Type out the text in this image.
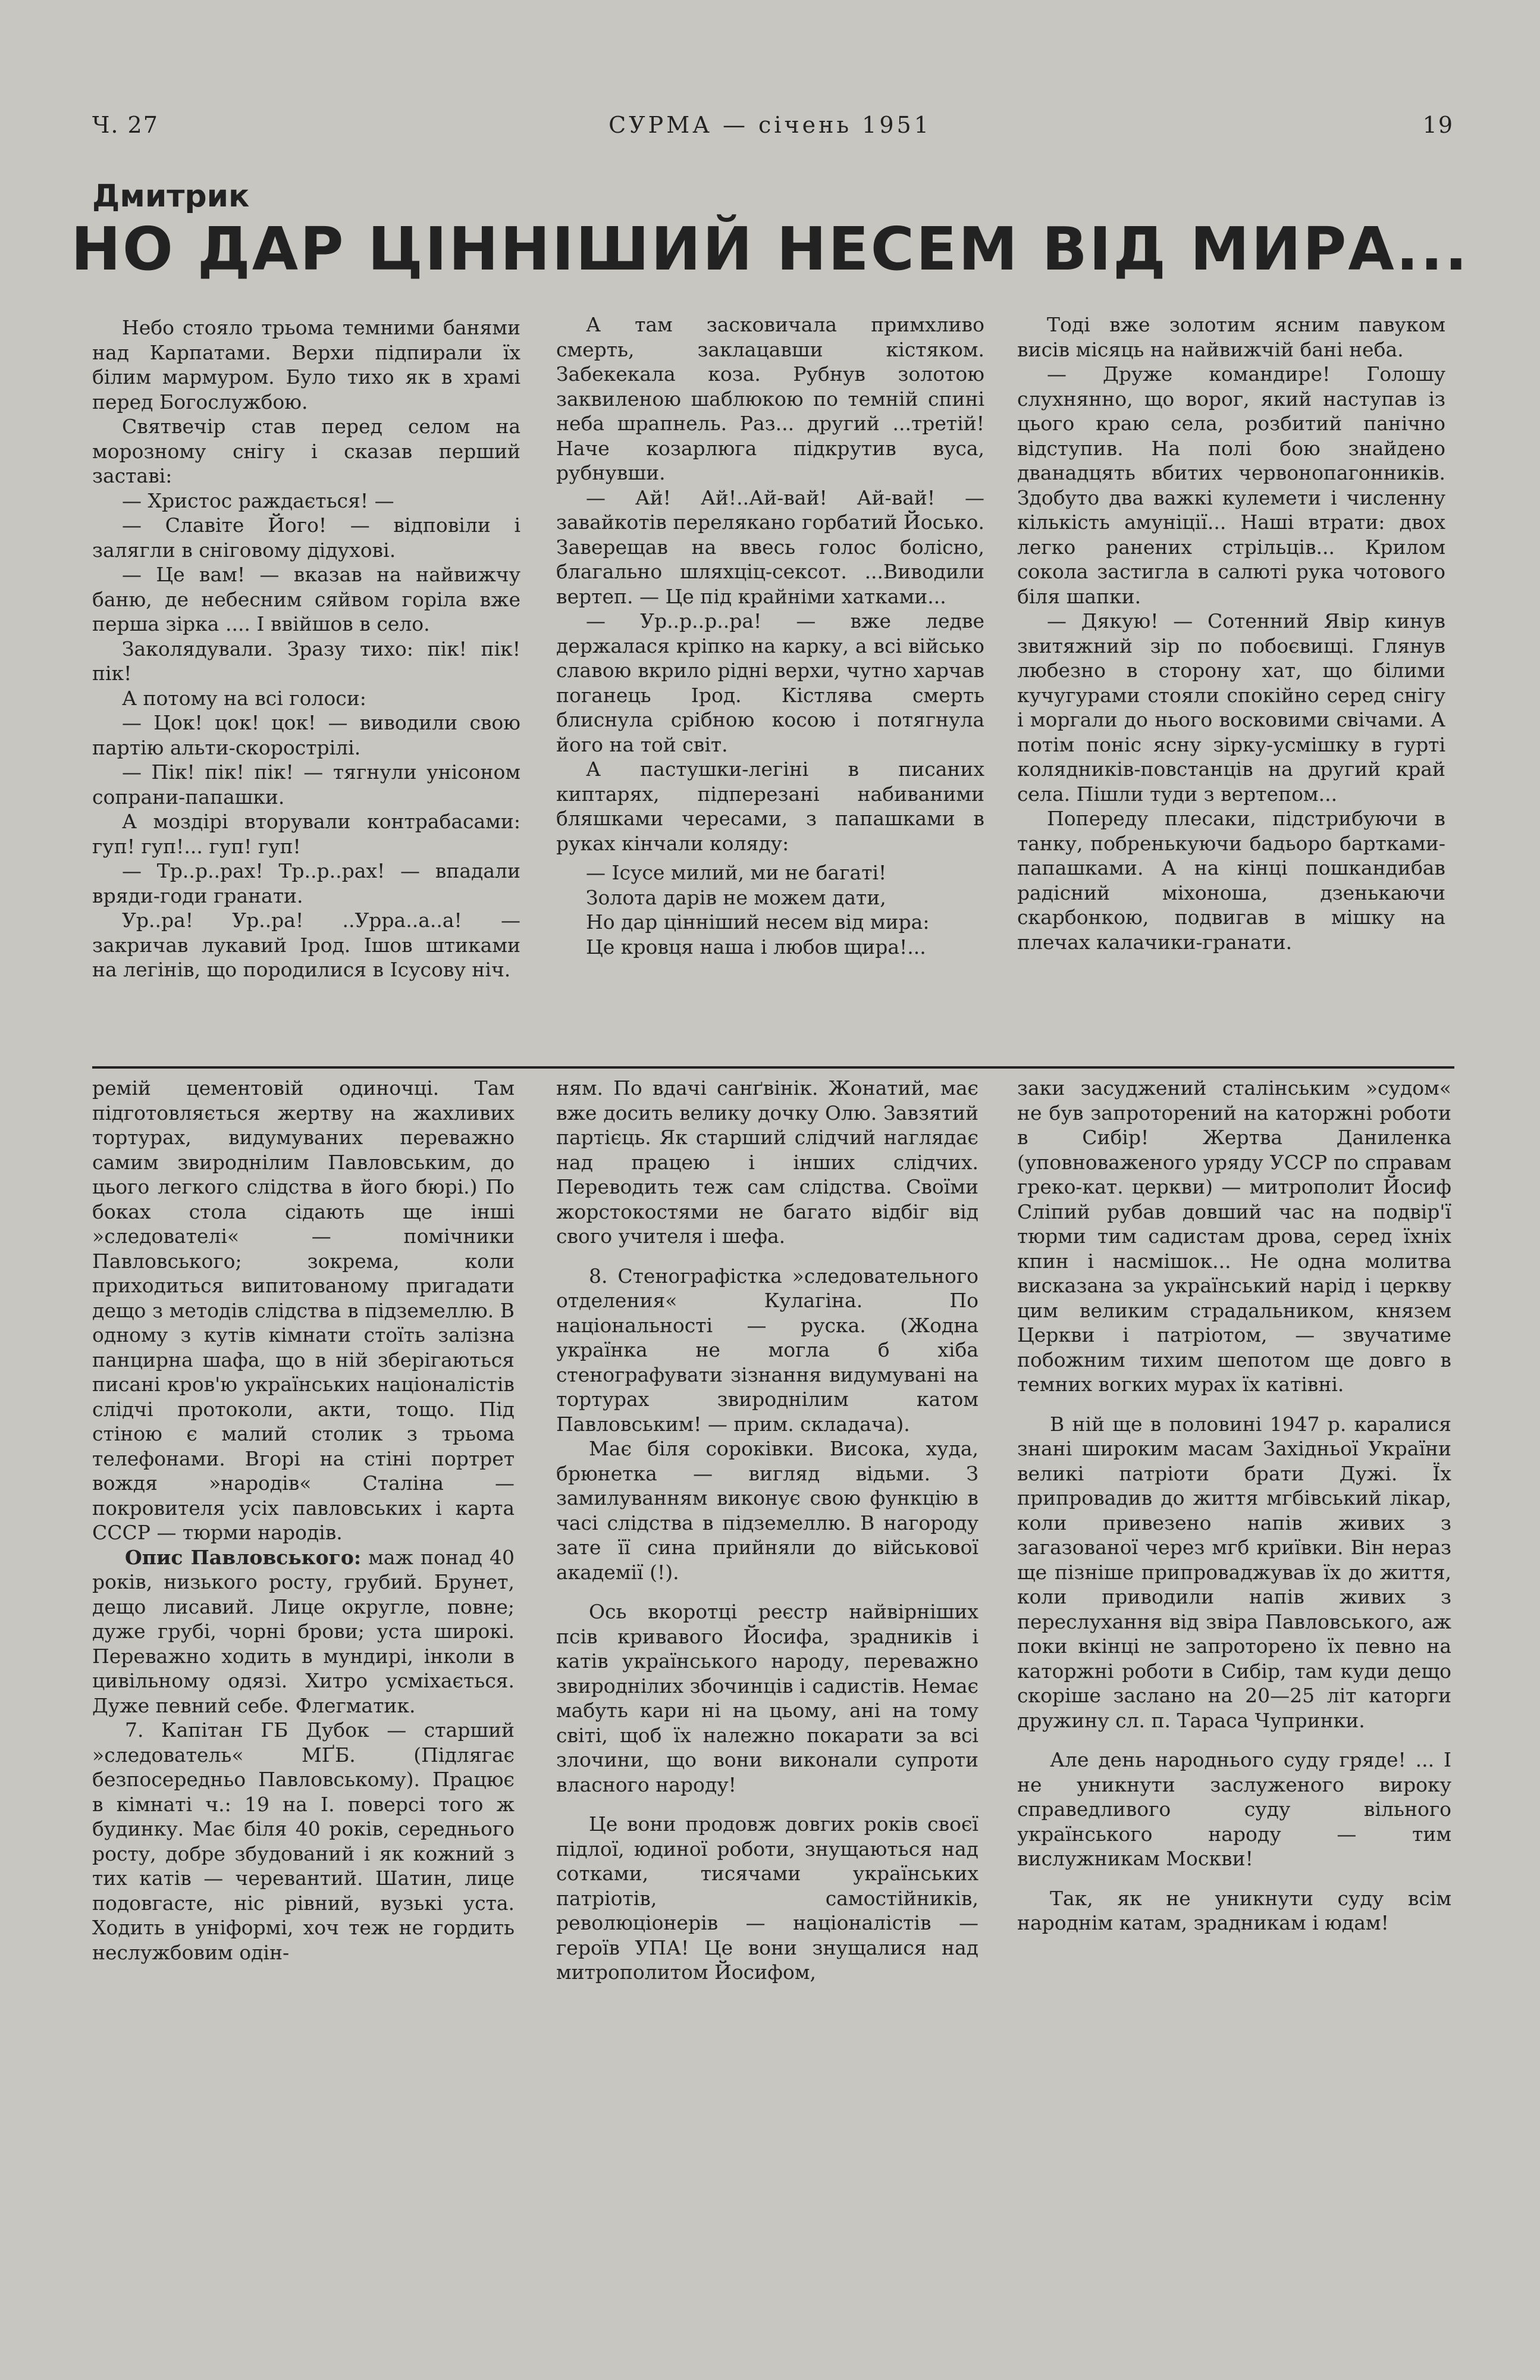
Ч. 27	СУРМА — січень 1951	19
Дмитрик
НО ДАР ЦІННІШИЙ НЕСЕМ ВІД МИРА...

Небо стояло трьома темними банями над Карпатами. Верхи підпирали їх білим мармуром. Було тихо як в храмі перед Богослужбою.

Святвечір став перед селом на морозному снігу і сказав перший заставі:

— Христос раждається! —

— Славіте Його! — відповіли і залягли в сніговому дідухові.

— Це вам! — вказав на найвижчу баню, де небесним сяйвом горіла вже перша зірка .... І ввійшов в село.

Заколядували. Зразу тихо: пік! пік! пік!

А потому на всі голоси:

— Цок! цок! цок! — виводили свою партію альти-скорострілі.

— Пік! пік! пік! — тягнули унісоном сопрани-папашки.

А моздірі вторували контрабасами: гуп! гуп!... гуп! гуп!

— Тр..р..рах! Тр..р..рах! — впадали вряди-годи гранати.

Ур..ра! Ур..ра! ..Урра..а..а! — закричав лукавий Ірод. Ішов штиками на легінів, що породилися в Ісусову ніч.

А там засковичала примхливо смерть, заклацавши кістяком. Забекекала коза. Рубнув золотою заквиленою шаблюкою по темній спині неба шрапнель. Раз... другий ...третій! Наче козарлюга підкрутив вуса, рубнувши.

— Ай! Ай!..Ай-вай! Ай-вай! — завайкотів перелякано горбатий Йосько. Заверещав на ввесь голос болісно, благально шляхціц-сексот. ...Виводили вертеп. — Це під крайніми хатками...

— Ур..р..р..ра! — вже ледве держалася кріпко на карку, а всі військо славою вкрило рідні верхи, чутно харчав поганець Ірод. Кістлява смерть блиснула срібною косою і потягнула його на той світ.

А пастушки-легіні в писаних киптарях, підперезані набиваними бляшками чересами, з папашками в руках кінчали коляду:

— Ісусе милий, ми не багаті!
Золота дарів не можем дати,
Но дар цінніший несем від мира:
Це кровця наша і любов щира!...

Тоді вже золотим ясним павуком висів місяць на найвижчій бані неба.

— Друже командире! Голошу слухнянно, що ворог, який наступав із цього краю села, розбитий панічно відступив. На полі бою знайдено дванадцять вбитих червонопагонників. Здобуто два важкі кулемети і численну кількість амуніції... Наші втрати: двох легко ранених стрільців... Крилом сокола застигла в салюті рука чотового біля шапки.

— Дякую! — Сотенний Явір кинув звитяжний зір по побоєвищі. Глянув любезно в сторону хат, що білими кучугурами стояли спокійно серед снігу і моргали до нього восковими свічами. А потім поніс ясну зірку-усмішку в гурті колядників-повстанців на другий край села. Пішли туди з вертепом...

Попереду плесаки, підстрибуючи в танку, побренькуючи бадьоро бартками-папашками. А на кінці пошкандибав радісний міхоноша, дзенькаючи скарбонкою, подвигав в мішку на плечах калачики-гранати.

ремій цементовій одиночці. Там підготовляється жертву на жахливих тортурах, видумуваних переважно самим звироднілим Павловським, до цього легкого слідства в його бюрі.) По боках стола сідають ще інші »следователі« — помічники Павловського; зокрема, коли приходиться випитованому пригадати дещо з методів слідства в підземеллю. В одному з кутів кімнати стоїть залізна панцирна шафа, що в ній зберігаються писані кров'ю українських націоналістів слідчі протоколи, акти, тощо. Під стіною є малий столик з трьома телефонами. Вгорі на стіні портрет вождя »народів« Сталіна — покровителя усіх павловських і карта СССР — тюрми народів.

Опис Павловського: маж понад 40 років, низького росту, грубий. Брунет, дещо лисавий. Лице округле, повне; дуже грубі, чорні брови; уста широкі. Переважно ходить в мундирі, інколи в цивільному одязі. Хитро усміхається. Дуже певний себе. Флегматик.

7. Капітан ГБ Дубок — старший »следователь« МҐБ. (Підлягає безпосередньо Павловському). Працює в кімнаті ч.: 19 на I. поверсі того ж будинку. Має біля 40 років, середнього росту, добре збудований і як кожний з тих катів — черевантий. Шатин, лице подовгасте, ніс рівний, вузькі уста. Ходить в уніформі, хоч теж не гордить неслужбовим одін-

ням. По вдачі санґвінік. Жонатий, має вже досить велику дочку Олю. Завзятий партієць. Як старший слідчий наглядає над працею і інших слідчих. Переводить теж сам слідства. Своїми жорстокостями не багато відбіг від свого учителя і шефа.

8. Стенографістка »следовательного отделения« Кулагіна. По національності — руска. (Жодна українка не могла б хіба стенографувати зізнання видумувані на тортурах звироднілим катом Павловським! — прим. складача).

Має біля сороківки. Висока, худа, брюнетка — вигляд відьми. З замилуванням виконує свою функцію в часі слідства в підземеллю. В нагороду зате її сина прийняли до військової академії (!).

Ось вкоротці реєстр найвірніших псів кривавого Йосифа, зрадників і катів українського народу, переважно звироднілих збочинців і садистів. Немає мабуть кари ні на цьому, ані на тому світі, щоб їх належно покарати за всі злочини, що вони виконали супроти власного народу!

Це вони продовж довгих років своєї підлої, юдиної роботи, знущаються над сотками, тисячами українських патріотів, самостійників, революціонерів — націоналістів — героїв УПА! Це вони знущалися над митрополитом Йосифом,

заки засуджений сталінським »судом« не був запроторений на каторжні роботи в Сибір! Жертва Даниленка (уповноваженого уряду УССР по справам греко-кат. церкви) — митрополит Йосиф Сліпий рубав довший час на подвір'ї тюрми тим садистам дрова, серед їхніх кпин і насмішок... Не одна молитва висказана за український нарід і церкву цим великим страдальником, князем Церкви і патріотом, — звучатиме побожним тихим шепотом ще довго в темних вогких мурах їх катівні.

В ній ще в половині 1947 р. каралися знані широким масам Західньої України великі патріоти брати Дужі. Їх припровадив до життя мгбівський лікар, коли привезено напів живих з загазованої через мгб криївки. Він нераз ще пізніше припроваджував їх до життя, коли приводили напів живих з переслухання від звіра Павловського, аж поки вкінці не запроторено їх певно на каторжні роботи в Сибір, там куди дещо скоріше заслано на 20—25 літ каторги дружину сл. п. Тараса Чупринки.

Але день народнього суду гряде! ... І не уникнути заслуженого вироку справедливого суду вільного українського народу — тим вислужникам Москви!

Так, як не уникнути суду всім народнім катам, зрадникам і юдам!
